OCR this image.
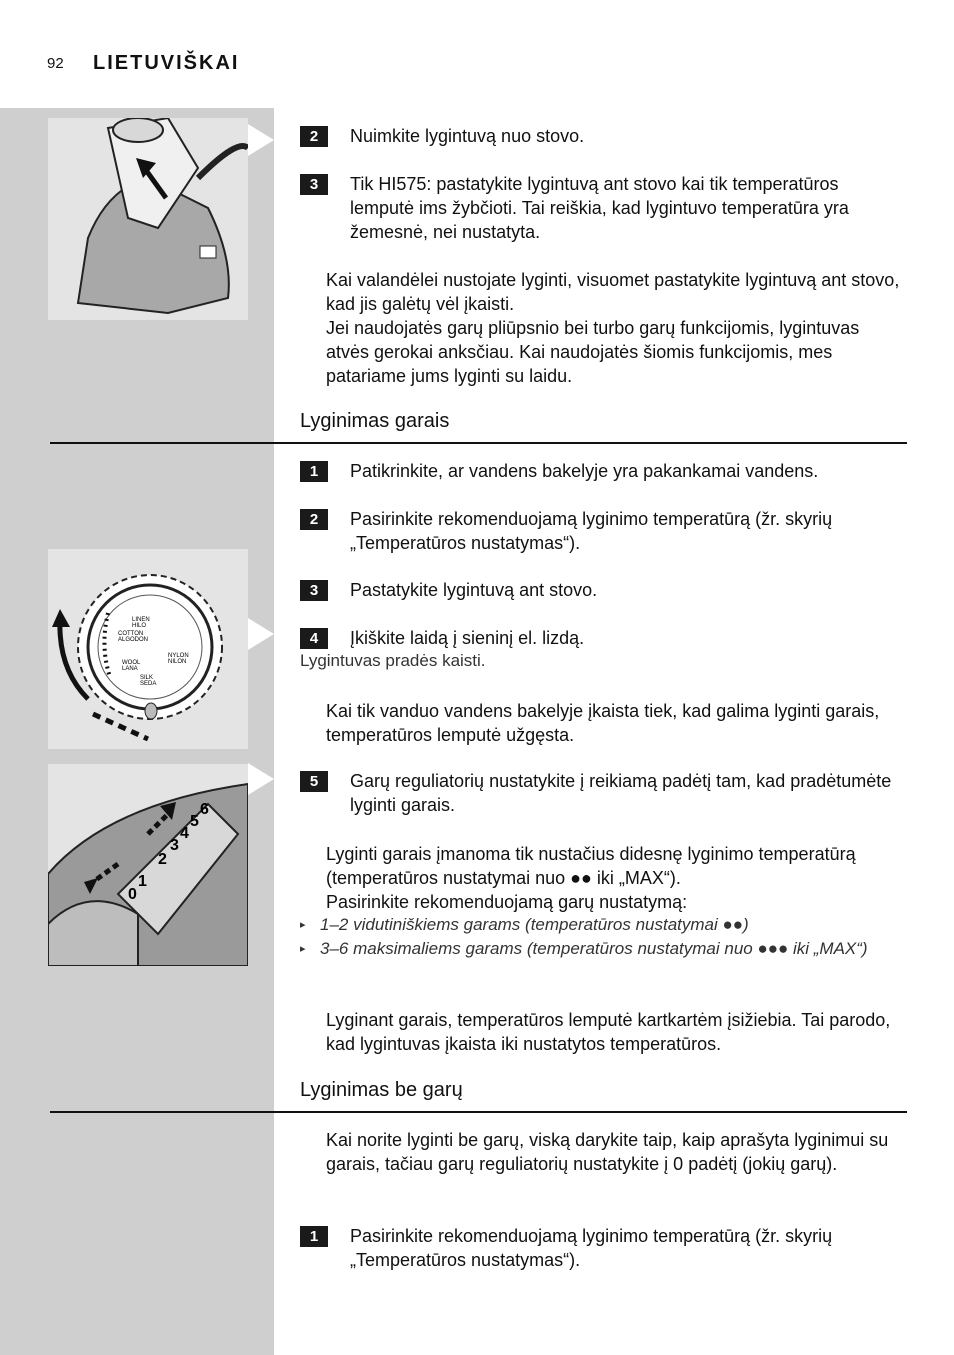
92 LIETUVIŠKAI
LINEN
HILO
COTTON
ALGODON
WOOL
LANA
SILK
SEDA
NYLON
NILON
0
1
2
3
4
5
6
2	Nuimkite lygintuvą nuo stovo.
3	Tik HI575: pastatykite lygintuvą ant stovo kai tik temperatūros lemputė ims žybčioti. Tai reiškia, kad lygintuvo temperatūra yra žemesnė, nei nustatyta.
Kai valandėlei nustojate lyginti, visuomet pastatykite lygintuvą ant stovo, kad jis galėtų vėl įkaisti.
Jei naudojatės garų pliūpsnio bei turbo garų funkcijomis, lygintuvas atvės gerokai anksčiau. Kai naudojatės šiomis funkcijomis, mes patariame jums lyginti su laidu.
Lyginimas garais
1	Patikrinkite, ar vandens bakelyje yra pakankamai vandens.
2	Pasirinkite rekomenduojamą lyginimo temperatūrą (žr. skyrių „Temperatūros nustatymas“).
3	Pastatykite lygintuvą ant stovo.
4	Įkiškite laidą į sieninį el. lizdą.
Lygintuvas pradės kaisti.
Kai tik vanduo vandens bakelyje įkaista tiek, kad galima lyginti garais, temperatūros lemputė užgęsta.
5	Garų reguliatorių nustatykite į reikiamą padėtį tam, kad pradėtumėte lyginti garais.
Lyginti garais įmanoma tik nustačius didesnę lyginimo temperatūrą (temperatūros nustatymai nuo ●● iki „MAX“).
Pasirinkite rekomenduojamą garų nustatymą:
▸ 1–2 vidutiniškiems garams (temperatūros nustatymai ●●)
▸ 3–6 maksimaliems garams (temperatūros nustatymai nuo ●●● iki „MAX“)
Lyginant garais, temperatūros lemputė kartkartėm įsižiebia. Tai parodo, kad lygintuvas įkaista iki nustatytos temperatūros.
Lyginimas be garų
Kai norite lyginti be garų, viską darykite taip, kaip aprašyta lyginimui su garais, tačiau garų reguliatorių nustatykite į 0 padėtį (jokių garų).
1	Pasirinkite rekomenduojamą lyginimo temperatūrą (žr. skyrių „Temperatūros nustatymas“).
